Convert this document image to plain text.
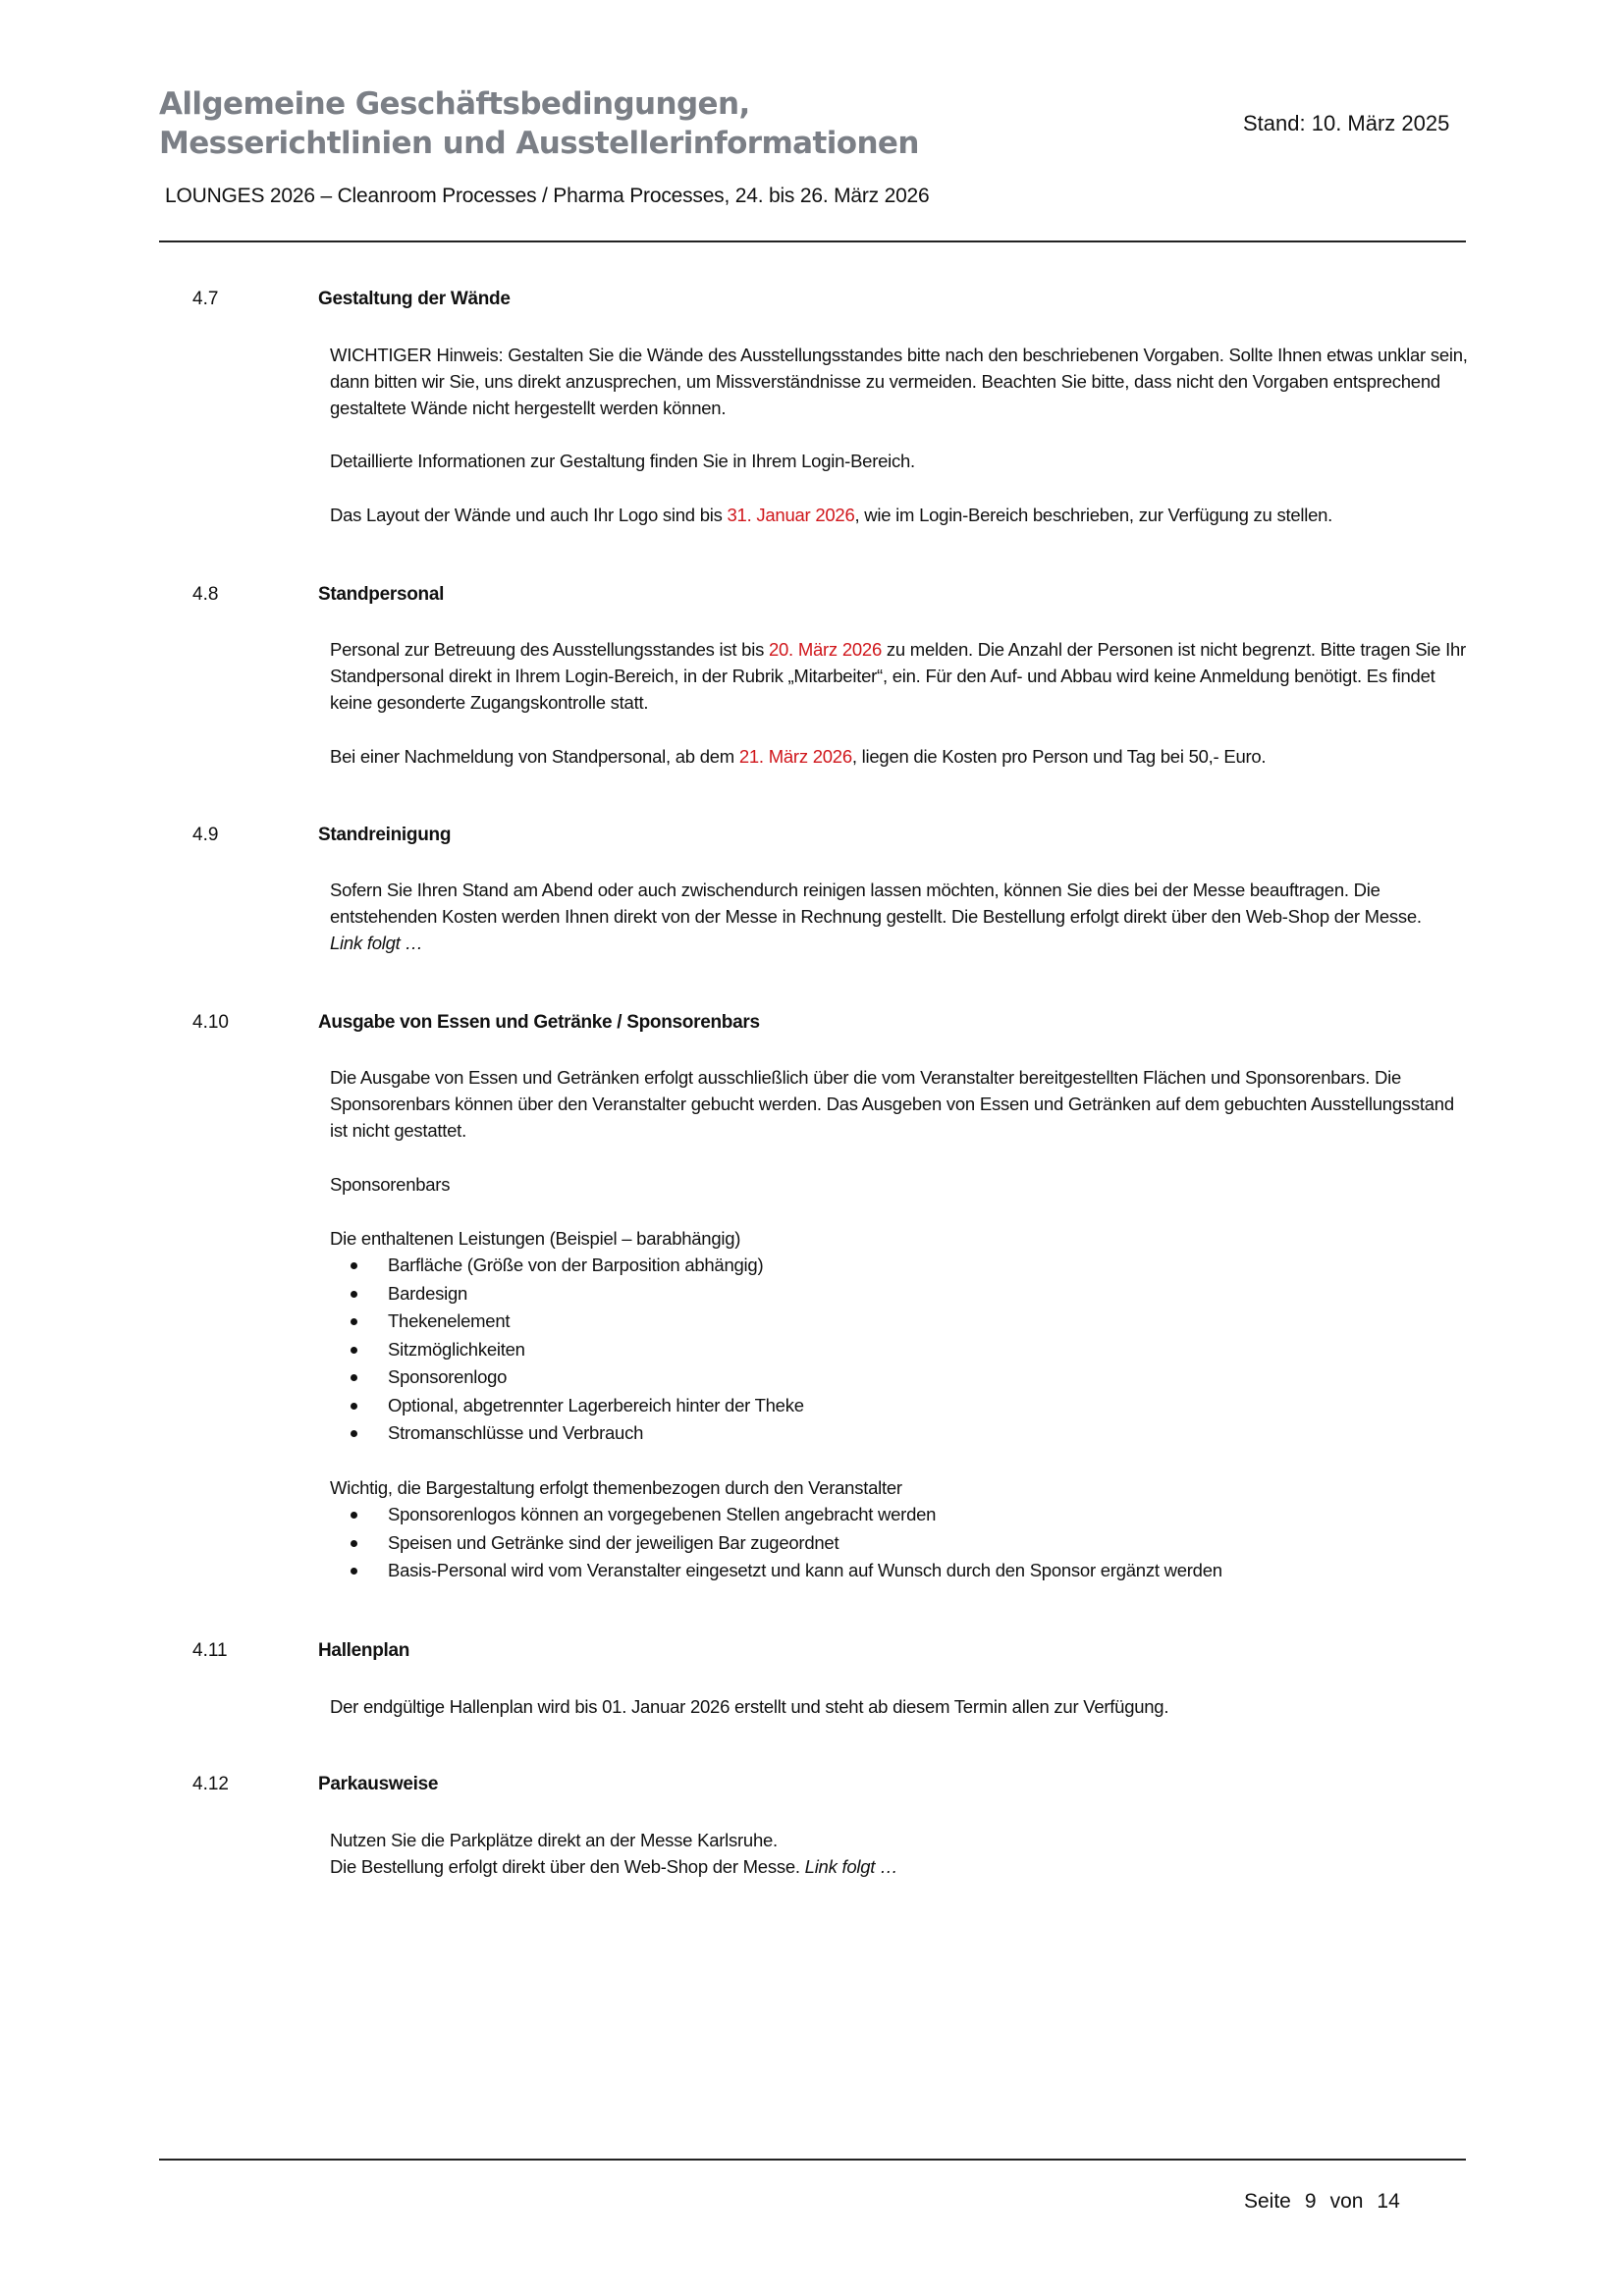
Allgemeine Geschäftsbedingungen,
Messerichtlinien und Ausstellerinformationen
Stand: 10. März 2025
LOUNGES 2026 – Cleanroom Processes / Pharma Processes, 24. bis 26. März 2026
4.7	Gestaltung der Wände
WICHTIGER Hinweis: Gestalten Sie die Wände des Ausstellungsstandes bitte nach den beschriebenen Vorgaben. Sollte Ihnen etwas unklar sein, dann bitten wir Sie, uns direkt anzusprechen, um Missverständnisse zu vermeiden. Beachten Sie bitte, dass nicht den Vorgaben entsprechend gestaltete Wände nicht hergestellt werden können.
Detaillierte Informationen zur Gestaltung finden Sie in Ihrem Login-Bereich.
Das Layout der Wände und auch Ihr Logo sind bis 31. Januar 2026, wie im Login-Bereich beschrieben, zur Verfügung zu stellen.
4.8	Standpersonal
Personal zur Betreuung des Ausstellungsstandes ist bis 20. März 2026 zu melden. Die Anzahl der Personen ist nicht begrenzt. Bitte tragen Sie Ihr Standpersonal direkt in Ihrem Login-Bereich, in der Rubrik „Mitarbeiter“, ein. Für den Auf- und Abbau wird keine Anmeldung benötigt. Es findet keine gesonderte Zugangskontrolle statt.
Bei einer Nachmeldung von Standpersonal, ab dem 21. März 2026, liegen die Kosten pro Person und Tag bei 50,- Euro.
4.9	Standreinigung
Sofern Sie Ihren Stand am Abend oder auch zwischendurch reinigen lassen möchten, können Sie dies bei der Messe beauftragen. Die entstehenden Kosten werden Ihnen direkt von der Messe in Rechnung gestellt. Die Bestellung erfolgt direkt über den Web-Shop der Messe. Link folgt …
4.10	Ausgabe von Essen und Getränke / Sponsorenbars
Die Ausgabe von Essen und Getränken erfolgt ausschließlich über die vom Veranstalter bereitgestellten Flächen und Sponsorenbars. Die Sponsorenbars können über den Veranstalter gebucht werden. Das Ausgeben von Essen und Getränken auf dem gebuchten Ausstellungsstand ist nicht gestattet.
Sponsorenbars
Die enthaltenen Leistungen (Beispiel – barabhängig)
Barfläche (Größe von der Barposition abhängig)
Bardesign
Thekenelement
Sitzmöglichkeiten
Sponsorenlogo
Optional, abgetrennter Lagerbereich hinter der Theke
Stromanschlüsse und Verbrauch
Wichtig, die Bargestaltung erfolgt themenbezogen durch den Veranstalter
Sponsorenlogos können an vorgegebenen Stellen angebracht werden
Speisen und Getränke sind der jeweiligen Bar zugeordnet
Basis-Personal wird vom Veranstalter eingesetzt und kann auf Wunsch durch den Sponsor ergänzt werden
4.11	Hallenplan
Der endgültige Hallenplan wird bis 01. Januar 2026 erstellt und steht ab diesem Termin allen zur Verfügung.
4.12	Parkausweise
Nutzen Sie die Parkplätze direkt an der Messe Karlsruhe.
Die Bestellung erfolgt direkt über den Web-Shop der Messe. Link folgt …
Seite 9 von 14
